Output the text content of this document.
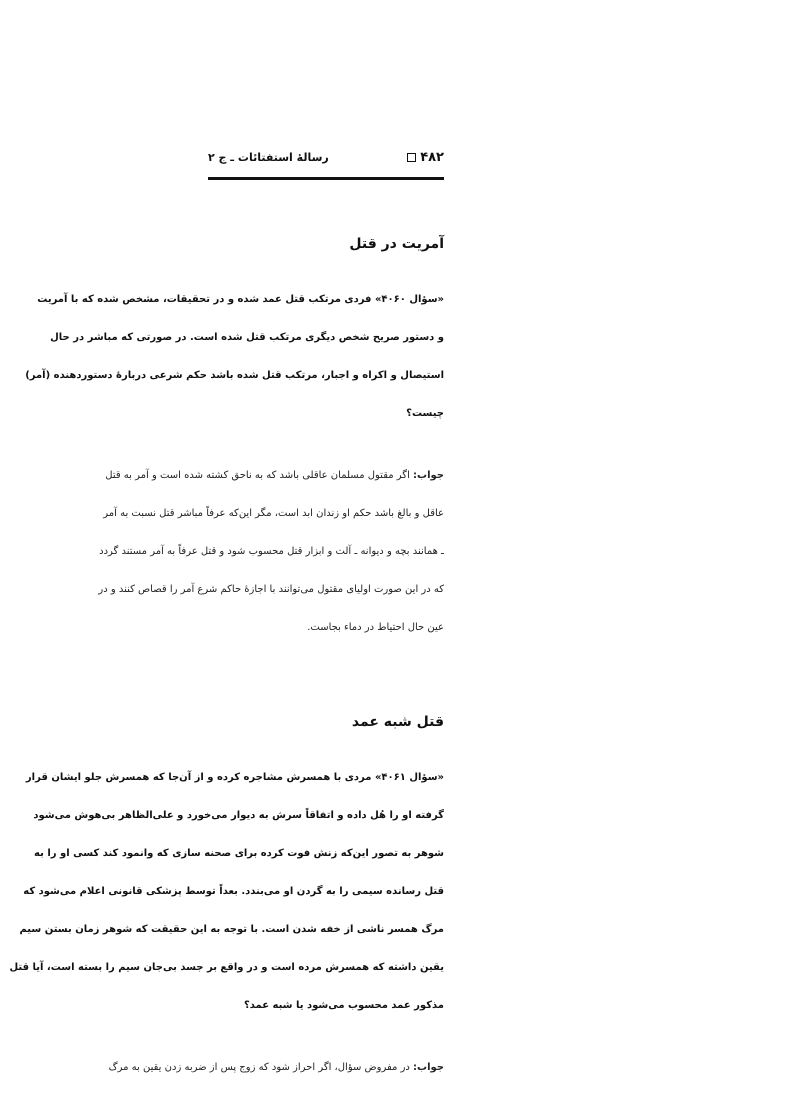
۴۸۲
رسالهٔ استفتائات ـ ج ۲
آمریت در قتل
«سؤال ۴۰۶۰» فردی مرتکب قتل عمد شده و در تحقیقات، مشخص شده که با آمریت
و دستور صریح شخص دیگری مرتکب قتل شده است. در صورتی که مباشر در حال
استیصال و اکراه و اجبار، مرتکب قتل شده باشد حکم شرعی دربارهٔ دستوردهنده (آمر)
چیست؟
جواب: اگر مقتول مسلمان عاقلی باشد که به ناحق کشته شده است و آمر به قتل
عاقل و بالغ باشد حکم او زندان ابد است، مگر این‌که عرفاً مباشر قتل نسبت به آمر
ـ همانند بچه و دیوانه ـ آلت و ابزار قتل محسوب شود و قتل عرفاً به آمر مستند گردد
که در این صورت اولیای مقتول می‌توانند با اجازهٔ حاکم شرع آمر را قصاص کنند و در
عین حال احتیاط در دماء بجاست.
قتل شبه عمد
«سؤال ۴۰۶۱» مردی با همسرش مشاجره کرده و از آن‌جا که همسرش جلو ایشان قرار
گرفته او را هُل داده و اتفاقاً سرش به دیوار می‌خورد و علی‌الظاهر بی‌هوش می‌شود
شوهر به تصور این‌که زنش فوت کرده برای صحنه سازی که وانمود کند کسی او را به
قتل رسانده سیمی را به گردن او می‌بندد. بعداً توسط پزشکی قانونی اعلام می‌شود که
مرگ همسر ناشی از خفه شدن است. با توجه به این حقیقت که شوهر زمان بستن سیم
یقین داشته که همسرش مرده است و در واقع بر جسد بی‌جان سیم را بسته است، آیا قتل
مذکور عمد محسوب می‌شود یا شبه عمد؟
جواب: در مفروض سؤال، اگر احراز شود که زوج پس از ضربه زدن یقین به مرگ
